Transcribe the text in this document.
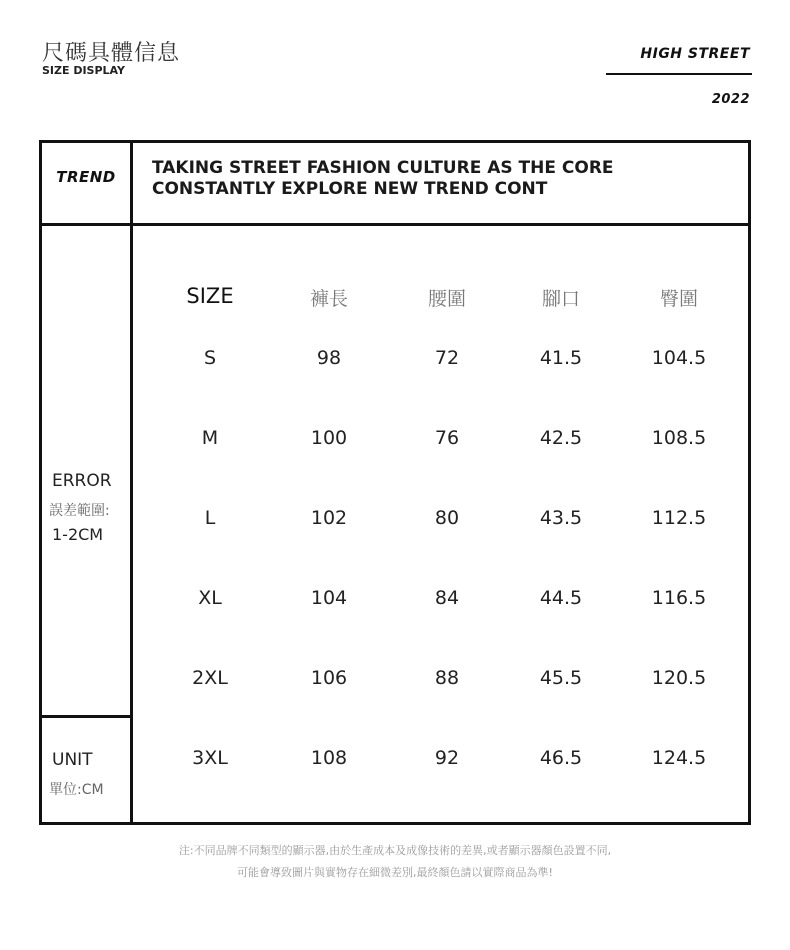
尺碼具體信息
SIZE DISPLAY
HIGH STREET
2022
TREND	TAKING STREET FASHION CULTURE AS THE CORE
CONSTANTLY EXPLORE NEW TREND CONT
ERROR
誤差範圍:
1-2CM
UNIT
單位:CM
SIZE	褲長	腰圍	腳口	臀圍
S	98	72	41.5	104.5
M	100	76	42.5	108.5
L	102	80	43.5	112.5
XL	104	84	44.5	116.5
2XL	106	88	45.5	120.5
3XL	108	92	46.5	124.5
注:不同品牌不同類型的顯示器,由於生產成本及成像技術的差異,或者顯示器顏色設置不同,
可能會導致圖片與實物存在細微差別,最終顏色請以實際商品為準!
